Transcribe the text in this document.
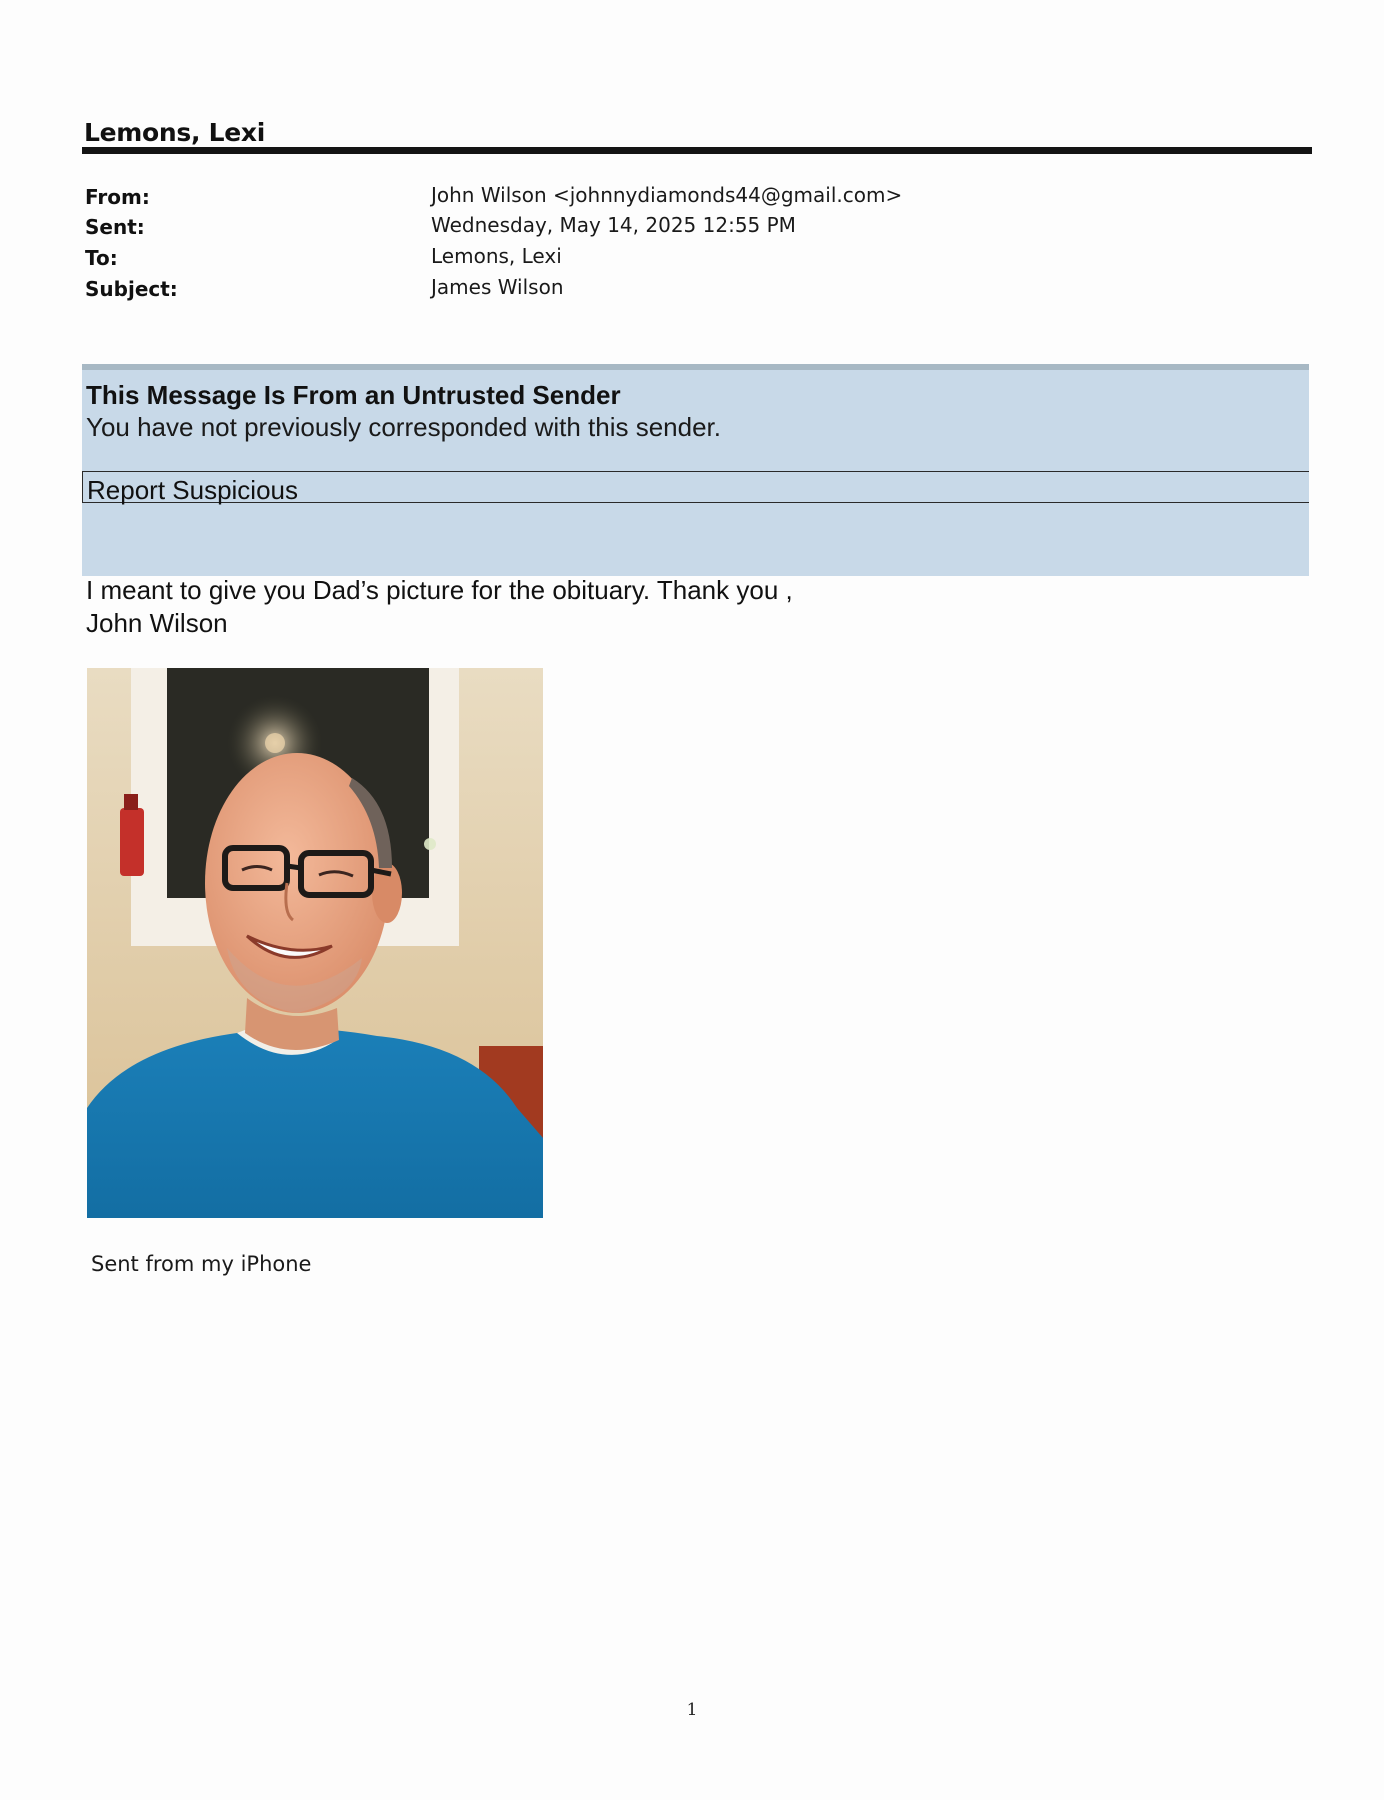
Lemons, Lexi
From:	John Wilson <johnnydiamonds44@gmail.com>
Sent:	Wednesday, May 14, 2025 12:55 PM
To:	Lemons, Lexi
Subject:	James Wilson
This Message Is From an Untrusted Sender
You have not previously corresponded with this sender.
Report Suspicious
I meant to give you Dad’s picture for the obituary. Thank you ,
John Wilson
Sent from my iPhone
1
